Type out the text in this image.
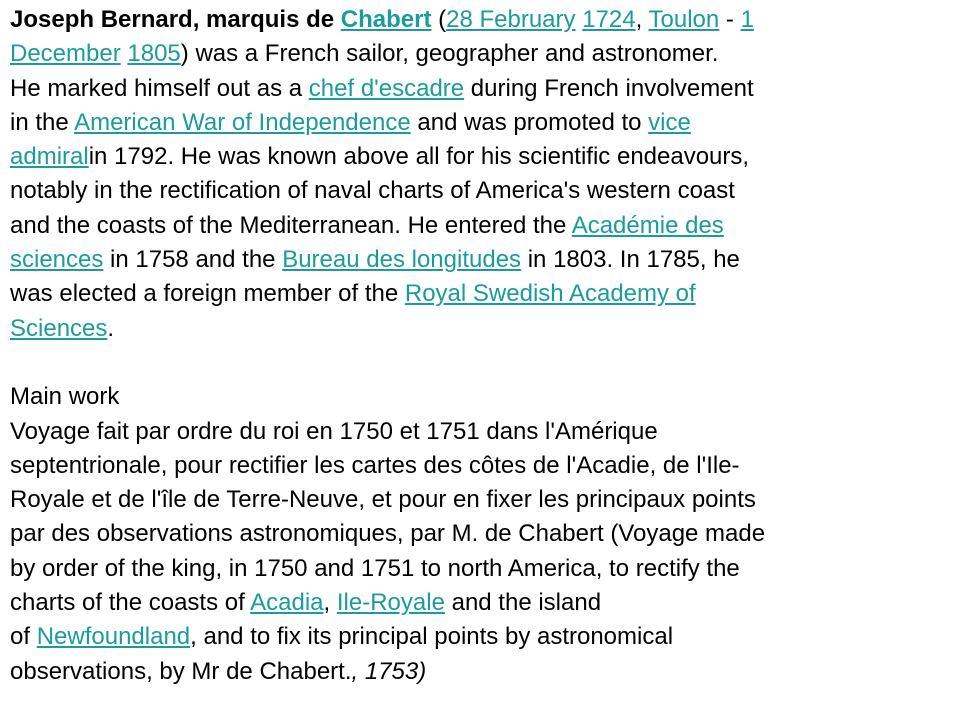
Joseph Bernard, marquis de Chabert (28 February 1724, Toulon - 1
December 1805) was a French sailor, geographer and astronomer.
He marked himself out as a chef d'escadre during French involvement
in the American War of Independence and was promoted to vice
admiralin 1792. He was known above all for his scientific endeavours,
notably in the rectification of naval charts of America's western coast
and the coasts of the Mediterranean. He entered the Académie des
sciences in 1758 and the Bureau des longitudes in 1803. In 1785, he
was elected a foreign member of the Royal Swedish Academy of
Sciences.
Main work
Voyage fait par ordre du roi en 1750 et 1751 dans l'Amérique
septentrionale, pour rectifier les cartes des côtes de l'Acadie, de l'Ile-
Royale et de l'île de Terre-Neuve, et pour en fixer les principaux points
par des observations astronomiques, par M. de Chabert (Voyage made
by order of the king, in 1750 and 1751 to north America, to rectify the
charts of the coasts of Acadia, Ile-Royale and the island
of Newfoundland, and to fix its principal points by astronomical
observations, by Mr de Chabert., 1753)
